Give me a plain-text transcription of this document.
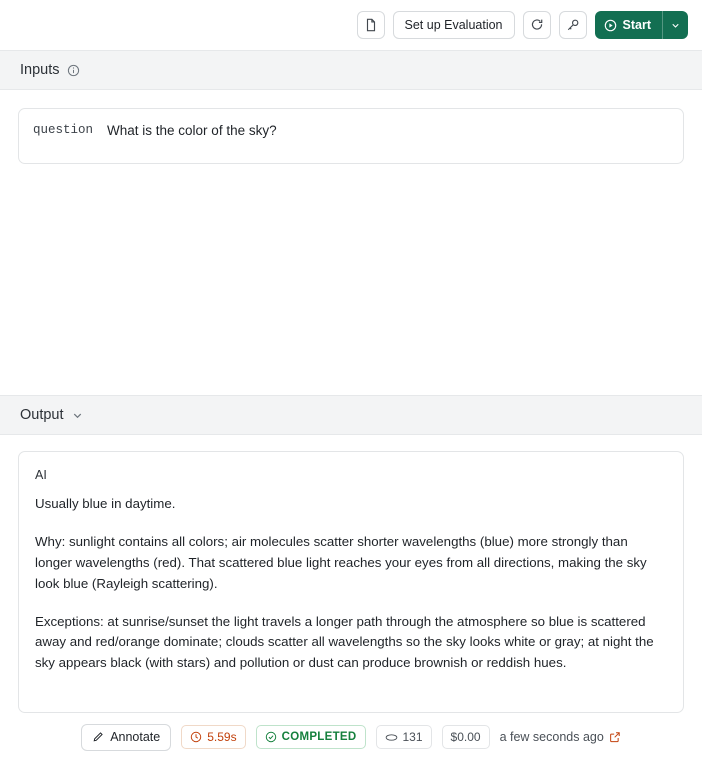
Set up Evaluation	Start
Inputs
question What is the color of the sky?
Output
AI

Usually blue in daytime.

Why: sunlight contains all colors; air molecules scatter shorter wavelengths (blue) more strongly than longer wavelengths (red). That scattered blue light reaches your eyes from all directions, making the sky look blue (Rayleigh scattering).

Exceptions: at sunrise/sunset the light travels a longer path through the atmosphere so blue is scattered away and red/orange dominate; clouds scatter all wavelengths so the sky looks white or gray; at night the sky appears black (with stars) and pollution or dust can produce brownish or reddish hues.

Annotate	5.59s	COMPLETED	131 $0.00 a few seconds ago
